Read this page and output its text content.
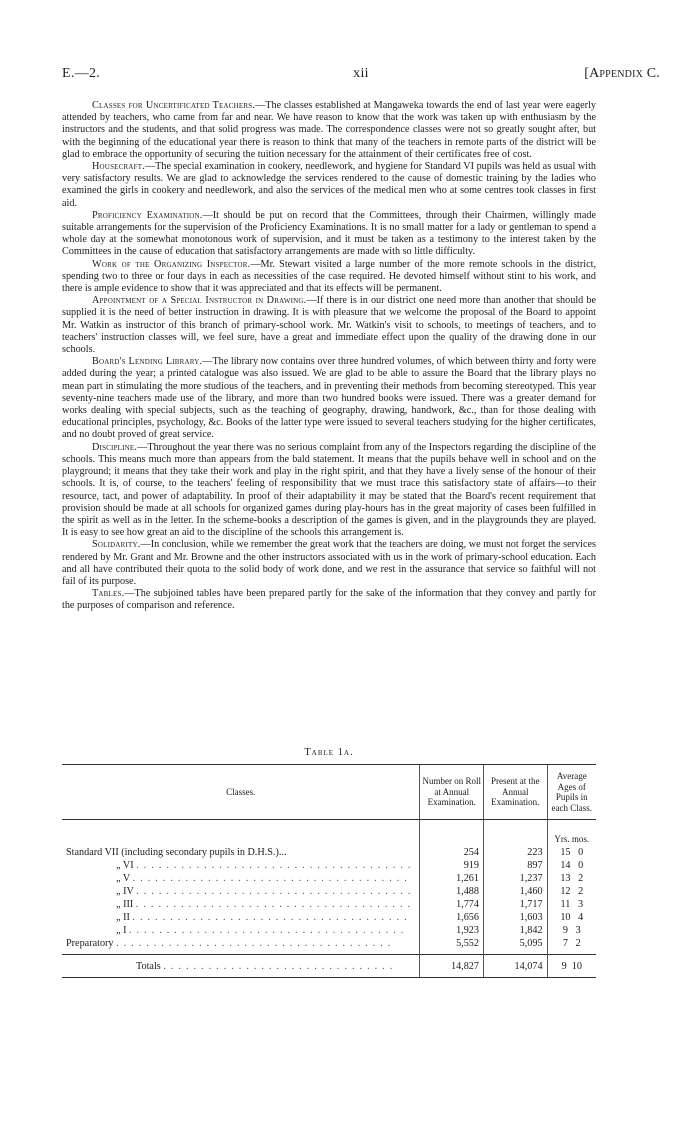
E.—2.	xii	[Appendix C.

Classes for Uncertificated Teachers.—The classes established at Mangaweka towards the end of last year were eagerly attended by teachers, who came from far and near. We have reason to know that the work was taken up with enthusiasm by the instructors and the students, and that solid progress was made. The correspondence classes were not so greatly sought after, but with the beginning of the educational year there is reason to think that many of the teachers in remote parts of the district will be glad to embrace the opportunity of securing the tuition necessary for the attainment of their certificates free of cost.

Housecraft.—The special examination in cookery, needlework, and hygiene for Standard VI pupils was held as usual with very satisfactory results. We are glad to acknowledge the services rendered to the cause of domestic training by the ladies who examined the girls in cookery and needlework, and also the services of the medical men who at some centres took classes in first aid.

Proficiency Examination.—It should be put on record that the Committees, through their Chairmen, willingly made suitable arrangements for the supervision of the Proficiency Examinations. It is no small matter for a lady or gentleman to spend a whole day at the somewhat monotonous work of supervision, and it must be taken as a testimony to the interest taken by the Committees in the cause of education that satisfactory arrangements are made with so little difficulty.

Work of the Organizing Inspector.—Mr. Stewart visited a large number of the more remote schools in the district, spending two to three or four days in each as necessities of the case required. He devoted himself without stint to his work, and there is ample evidence to show that it was appreciated and that its effects will be permanent.

Appointment of a Special Instructor in Drawing.—If there is in our district one need more than another that should be supplied it is the need of better instruction in drawing. It is with pleasure that we welcome the proposal of the Board to appoint Mr. Watkin as instructor of this branch of primary-school work. Mr. Watkin's visit to schools, to meetings of teachers, and to teachers' instruction classes will, we feel sure, have a great and immediate effect upon the quality of the drawing done in our schools.

Board's Lending Library.—The library now contains over three hundred volumes, of which between thirty and forty were added during the year; a printed catalogue was also issued. We are glad to be able to assure the Board that the library plays no mean part in stimulating the more studious of the teachers, and in preventing their methods from becoming stereotyped. This year seventy-nine teachers made use of the library, and more than two hundred books were issued. There was a greater demand for works dealing with special subjects, such as the teaching of geography, drawing, handwork, &c., than for those dealing with educational principles, psychology, &c. Books of the latter type were issued to several teachers studying for the higher certificates, and no doubt proved of great service.

Discipline.—Throughout the year there was no serious complaint from any of the Inspectors regarding the discipline of the schools. This means much more than appears from the bald statement. It means that the pupils behave well in school and on the playground; it means that they take their work and play in the right spirit, and that they have a lively sense of the honour of their schools. It is, of course, to the teachers' feeling of responsibility that we must trace this satisfactory state of affairs—to their resource, tact, and power of adaptability. In proof of their adaptability it may be stated that the Board's recent requirement that provision should be made at all schools for organized games during play-hours has in the great majority of cases been fulfilled in the spirit as well as in the letter. In the scheme-books a description of the games is given, and in the playgrounds they are played. It is easy to see how great an aid to the discipline of the schools this arrangement is.

Solidarity.—In conclusion, while we remember the great work that the teachers are doing, we must not forget the services rendered by Mr. Grant and Mr. Browne and the other instructors associated with us in the work of primary-school education. Each and all have contributed their quota to the solid body of work done, and we rest in the assurance that service so faithful will not fail of its purpose.

Tables.—The subjoined tables have been prepared partly for the sake of the information that they convey and partly for the purposes of comparison and reference.

Table 1a.
Classes.	Number on Roll at Annual Examination.	Present at the Annual Examination.	Average Ages of Pupils in each Class.
			Yrs. mos.
Standard VII (including secondary pupils in D.H.S.)...	254	223	15 0
„ VI .....................................	919	897	14 0
„ V .....................................	1,261	1,237	13 2
„ IV .....................................	1,488	1,460	12 2
„ III .....................................	1,774	1,717	11 3
„ II .....................................	1,656	1,603	10 4
„ I .....................................	1,923	1,842	9 3
Preparatory .....................................	5,552	5,095	7 2

Totals ...............................	14,827	14,074	9 10
